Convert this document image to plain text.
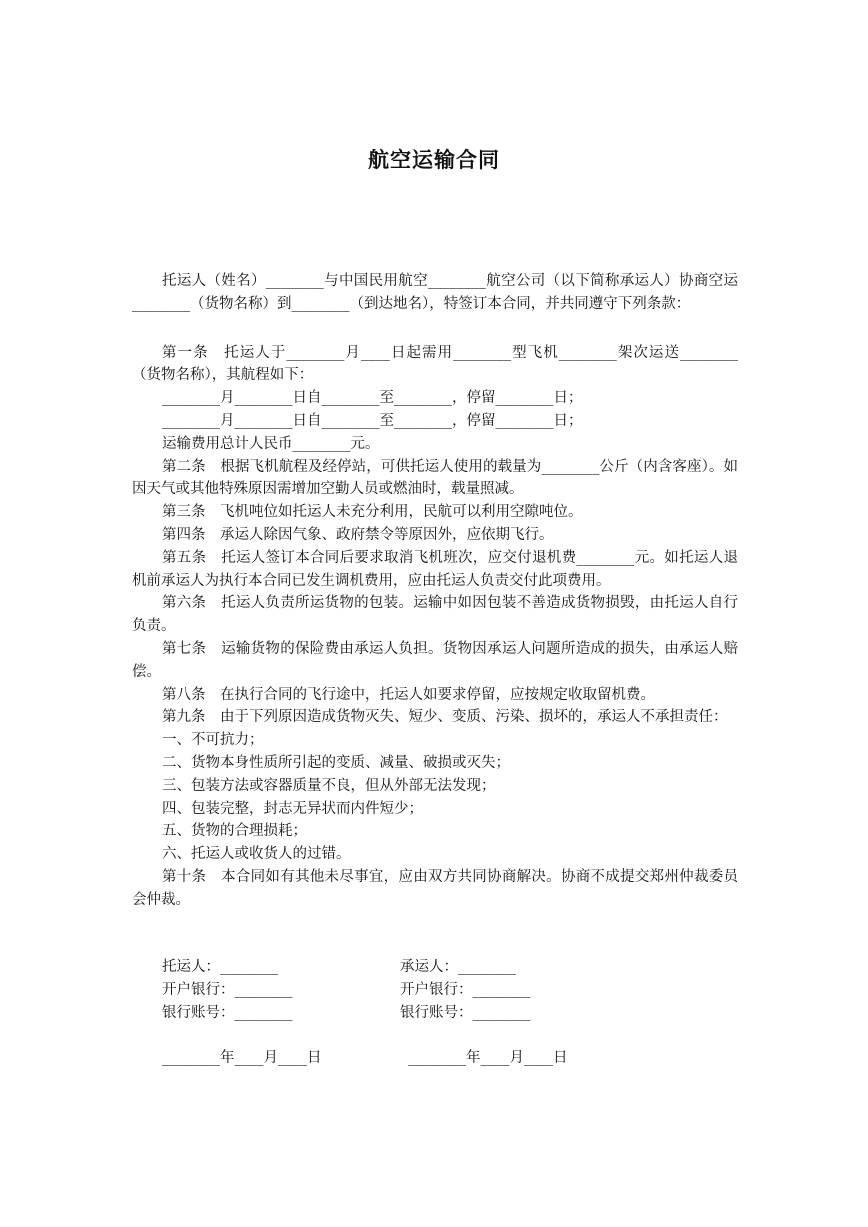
航空运输合同

托运人（姓名）________与中国民用航空________航空公司（以下简称承运人）协商空运________（货物名称）到________（到达地名），特签订本合同，并共同遵守下列条款：

第一条　托运人于________月____日起需用________型飞机________架次运送________（货物名称），其航程如下：

________月________日自________至________，停留________日；

________月________日自________至________，停留________日；

运输费用总计人民币________元。

第二条　根据飞机航程及经停站，可供托运人使用的载量为________公斤（内含客座）。如因天气或其他特殊原因需增加空勤人员或燃油时，载量照减。

第三条　飞机吨位如托运人未充分利用，民航可以利用空隙吨位。

第四条　承运人除因气象、政府禁令等原因外，应依期飞行。

第五条　托运人签订本合同后要求取消飞机班次，应交付退机费________元。如托运人退机前承运人为执行本合同已发生调机费用，应由托运人负责交付此项费用。

第六条　托运人负责所运货物的包装。运输中如因包装不善造成货物损毁，由托运人自行负责。

第七条　运输货物的保险费由承运人负担。货物因承运人问题所造成的损失，由承运人赔偿。

第八条　在执行合同的飞行途中，托运人如要求停留，应按规定收取留机费。

第九条　由于下列原因造成货物灭失、短少、变质、污染、损坏的，承运人不承担责任：

一、不可抗力；

二、货物本身性质所引起的变质、减量、破损或灭失；

三、包装方法或容器质量不良，但从外部无法发现；

四、包装完整，封志无异状而内件短少；

五、货物的合理损耗；

六、托运人或收货人的过错。

第十条　本合同如有其他未尽事宜，应由双方共同协商解决。协商不成提交郑州仲裁委员会仲裁。

托运人：________
开户银行：________
银行账号：________
承运人：________
开户银行：________
银行账号：________
________年____月____日	________年____月____日
